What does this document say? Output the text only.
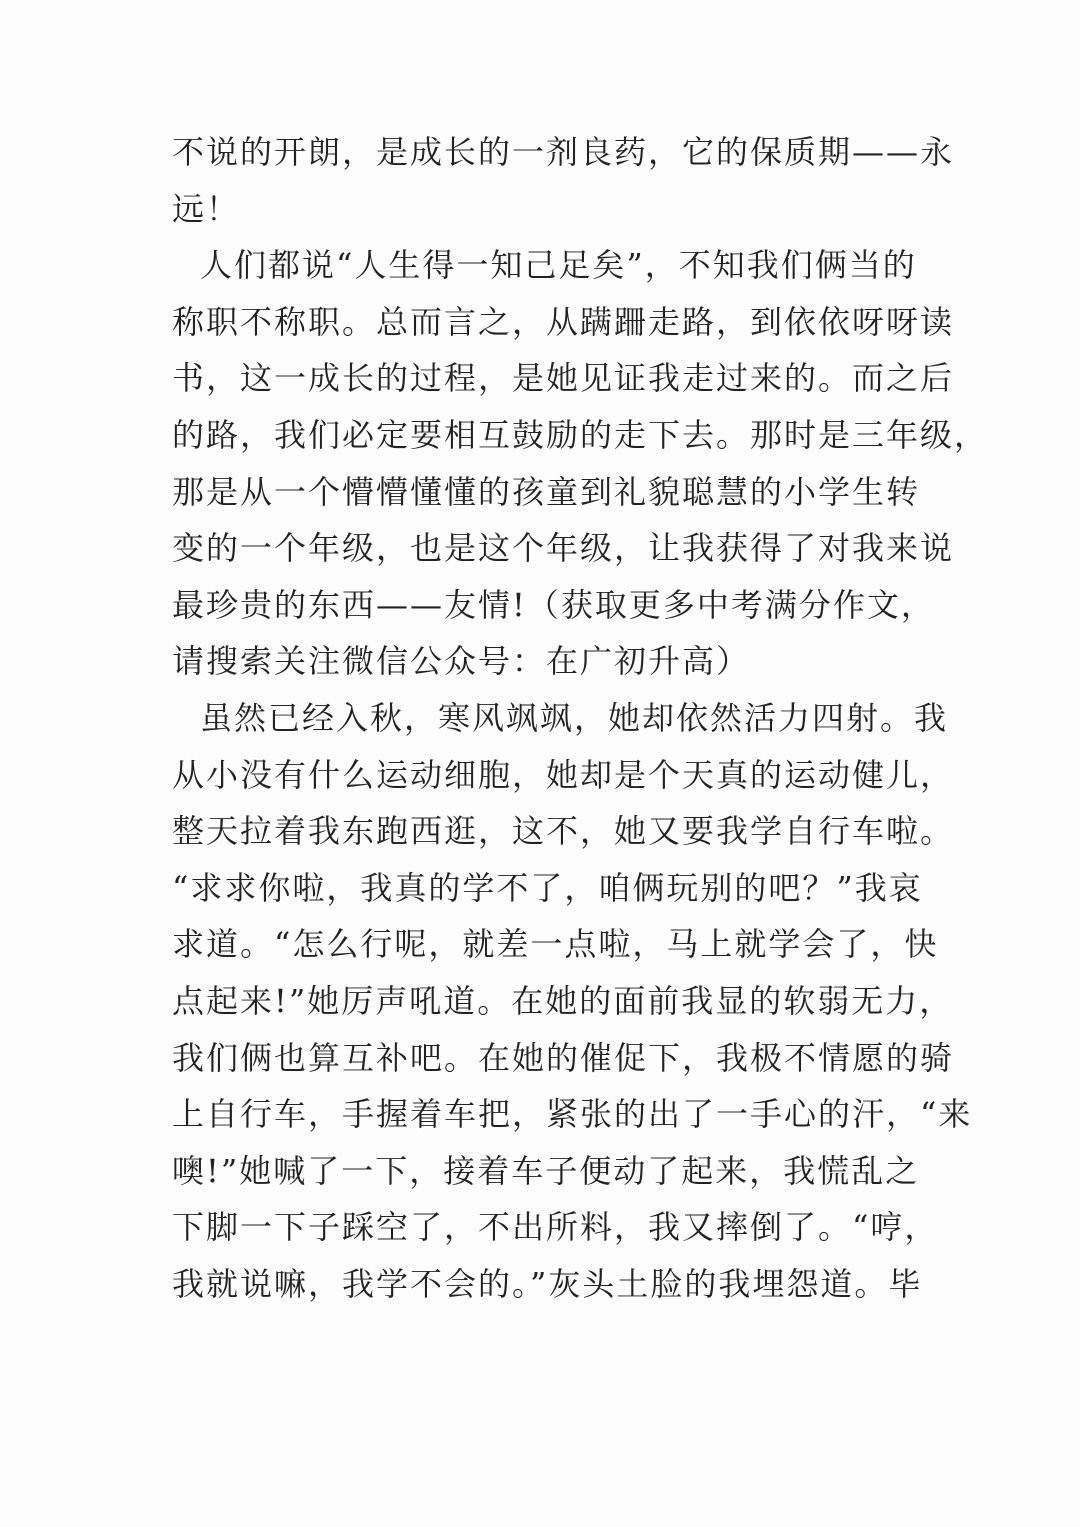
不说的开朗，是成长的一剂良药，它的保质期——永
远！
人们都说“人生得一知己足矣”，不知我们俩当的
称职不称职。总而言之，从蹒跚走路，到依依呀呀读
书，这一成长的过程，是她见证我走过来的。而之后
的路，我们必定要相互鼓励的走下去。那时是三年级，
那是从一个懵懵懂懂的孩童到礼貌聪慧的小学生转
变的一个年级，也是这个年级，让我获得了对我来说
最珍贵的东西——友情!（获取更多中考满分作文，
请搜索关注微信公众号：在广初升高）
虽然已经入秋，寒风飒飒，她却依然活力四射。我
从小没有什么运动细胞，她却是个天真的运动健儿，
整天拉着我东跑西逛，这不，她又要我学自行车啦。
“求求你啦，我真的学不了，咱俩玩别的吧？”我哀
求道。“怎么行呢，就差一点啦，马上就学会了，快
点起来!”她厉声吼道。在她的面前我显的软弱无力，
我们俩也算互补吧。在她的催促下，我极不情愿的骑
上自行车，手握着车把，紧张的出了一手心的汗，“来
噢!”她喊了一下，接着车子便动了起来，我慌乱之
下脚一下子踩空了，不出所料，我又摔倒了。“哼，
我就说嘛，我学不会的。”灰头土脸的我埋怨道。毕
